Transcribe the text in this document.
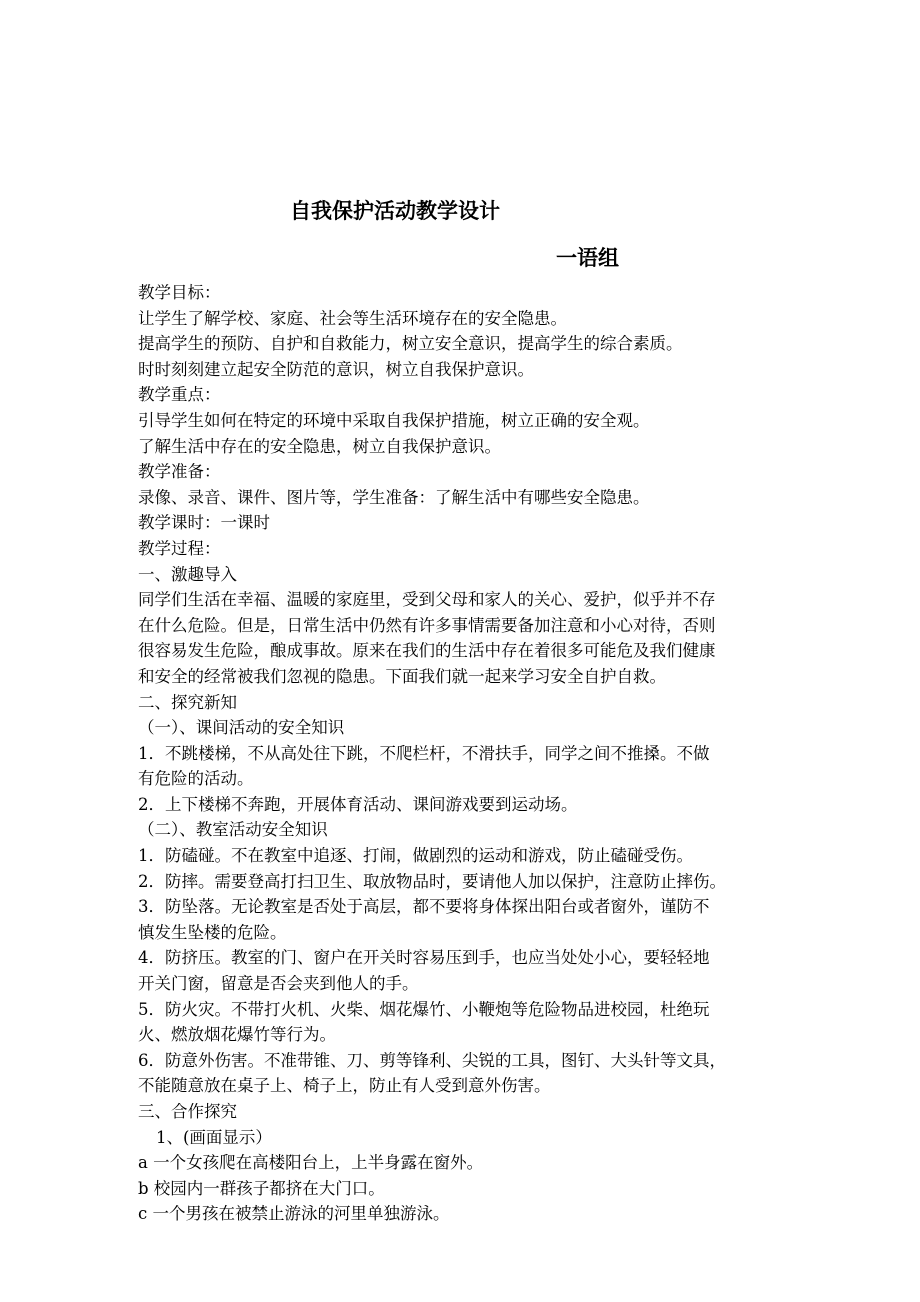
自我保护活动教学设计
一语组

教学目标：

让学生了解学校、家庭、社会等生活环境存在的安全隐患。

提高学生的预防、自护和自救能力，树立安全意识，提高学生的综合素质。

时时刻刻建立起安全防范的意识，树立自我保护意识。

教学重点：

引导学生如何在特定的环境中采取自我保护措施，树立正确的安全观。

了解生活中存在的安全隐患，树立自我保护意识。

教学准备：

录像、录音、课件、图片等，学生准备：了解生活中有哪些安全隐患。

教学课时：一课时

教学过程：

一、激趣导入

同学们生活在幸福、温暖的家庭里，受到父母和家人的关心、爱护，似乎并不存

在什么危险。但是，日常生活中仍然有许多事情需要备加注意和小心对待，否则

很容易发生危险，酿成事故。原来在我们的生活中存在着很多可能危及我们健康

和安全的经常被我们忽视的隐患。下面我们就一起来学习安全自护自救。

二、探究新知

（一）、课间活动的安全知识

1．不跳楼梯，不从高处往下跳，不爬栏杆，不滑扶手，同学之间不推搡。不做

有危险的活动。

2．上下楼梯不奔跑，开展体育活动、课间游戏要到运动场。

（二）、教室活动安全知识

1．防磕碰。不在教室中追逐、打闹，做剧烈的运动和游戏，防止磕碰受伤。

2．防摔。需要登高打扫卫生、取放物品时，要请他人加以保护，注意防止摔伤。

3．防坠落。无论教室是否处于高层，都不要将身体探出阳台或者窗外，谨防不

慎发生坠楼的危险。

4．防挤压。教室的门、窗户在开关时容易压到手，也应当处处小心，要轻轻地

开关门窗，留意是否会夹到他人的手。

5．防火灾。不带打火机、火柴、烟花爆竹、小鞭炮等危险物品进校园，杜绝玩

火、燃放烟花爆竹等行为。

6．防意外伤害。不准带锥、刀、剪等锋利、尖锐的工具，图钉、大头针等文具，

不能随意放在桌子上、椅子上，防止有人受到意外伤害。

三、合作探究

1、(画面显示）

a 一个女孩爬在高楼阳台上，上半身露在窗外。

b 校园内一群孩子都挤在大门口。

c 一个男孩在被禁止游泳的河里单独游泳。
